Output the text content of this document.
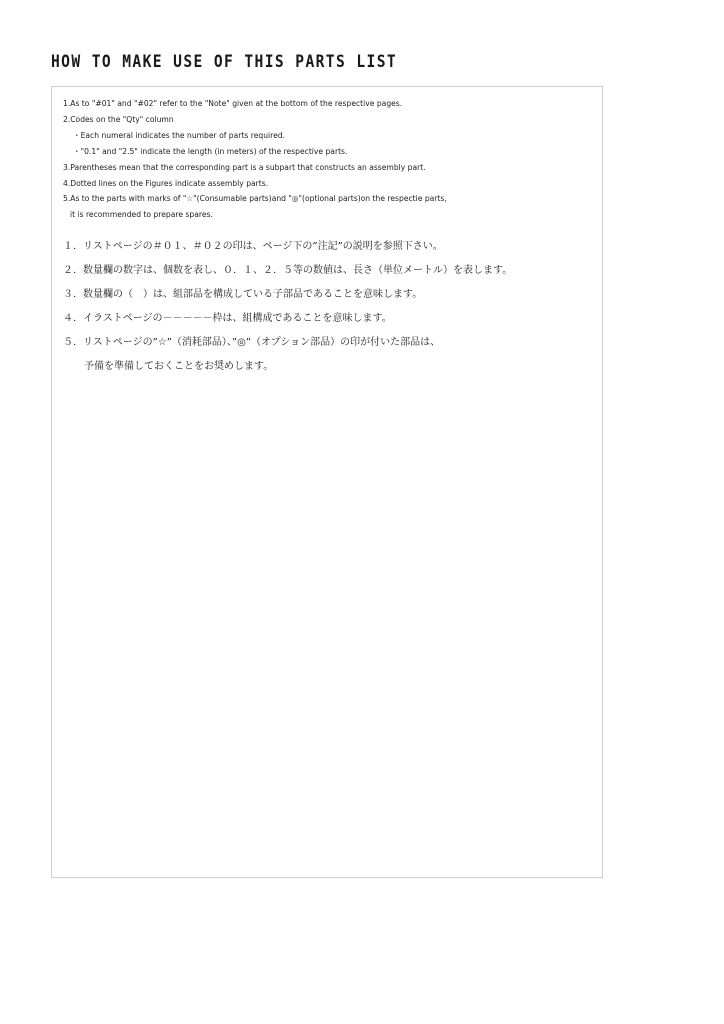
HOW TO MAKE USE OF THIS PARTS LIST
1.As to "#01" and "#02" refer to the "Note" given at the bottom of the respective pages.
2.Codes on the "Qty" column
・Each numeral indicates the number of parts required.
・"0.1" and "2.5" indicate the length (in meters) of the respective parts.
3.Parentheses mean that the corresponding part is a subpart that constructs an assembly part.
4.Dotted lines on the Figures indicate assembly parts.
5.As to the parts with marks of "☆"(Consumable parts)and "◎"(optional parts)on the respectie parts,
it is recommended to prepare spares.
１．リストページの＃０１、＃０２の印は、ページ下の”注記”の説明を参照下さい。
２．数量欄の数字は、個数を表し、０．１、２．５等の数値は、長さ（単位メートル）を表します。
３．数量欄の（　）は、組部品を構成している子部品であることを意味します。
４．イラストページの－－－－－枠は、組構成であることを意味します。
５．リストページの”☆”（消耗部品）、”◎”（オプション部品）の印が付いた部品は、
予備を準備しておくことをお奨めします。
